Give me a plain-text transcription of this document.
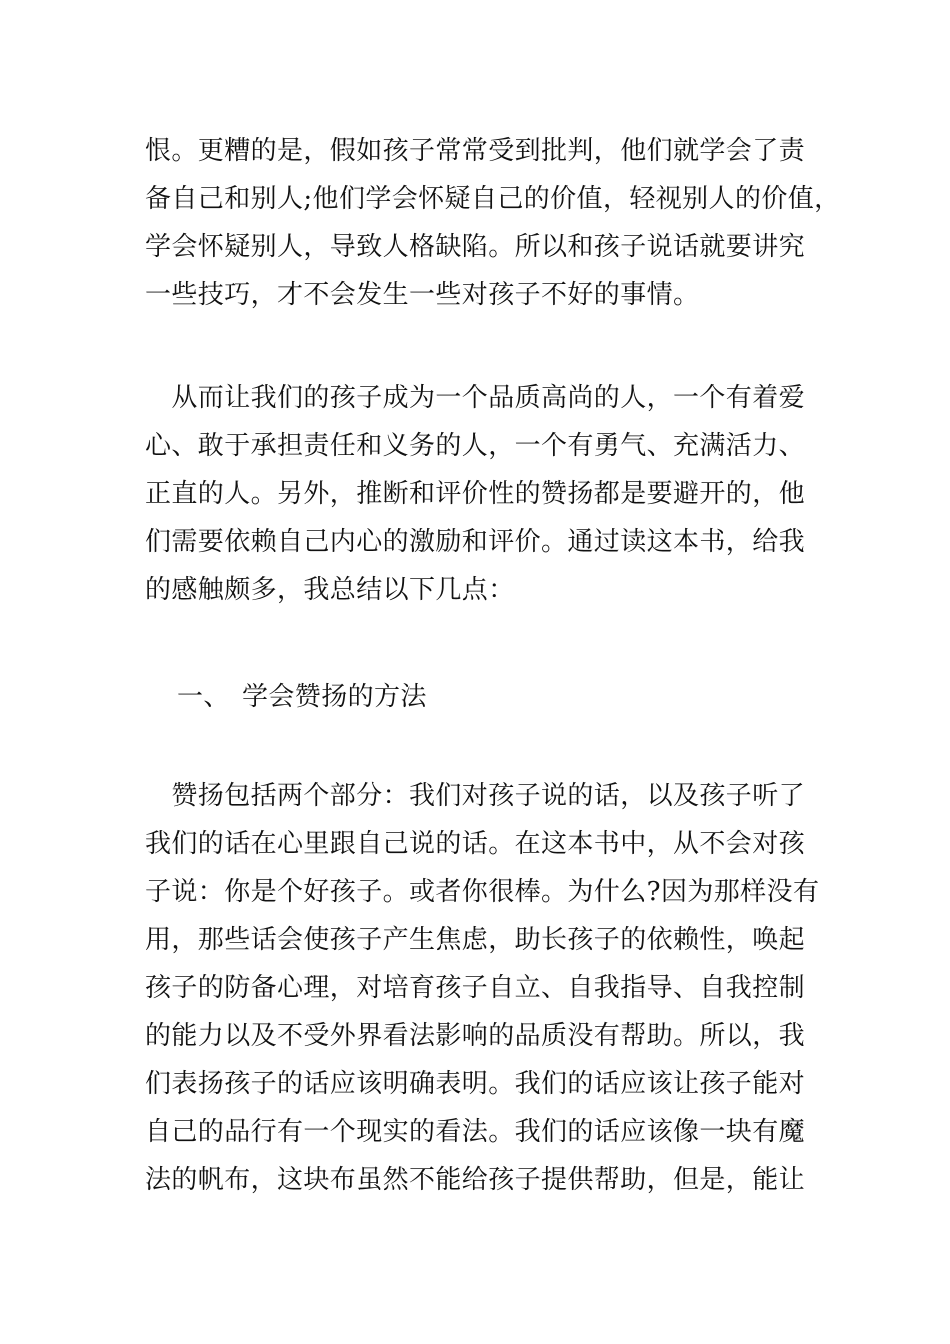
恨。更糟的是，假如孩子常常受到批判，他们就学会了责
备自己和别人;他们学会怀疑自己的价值，轻视别人的价值，
学会怀疑别人，导致人格缺陷。所以和孩子说话就要讲究
一些技巧，才不会发生一些对孩子不好的事情。
　从而让我们的孩子成为一个品质高尚的人，一个有着爱
心、敢于承担责任和义务的人，一个有勇气、充满活力、
正直的人。另外，推断和评价性的赞扬都是要避开的，他
们需要依赖自己内心的激励和评价。通过读这本书，给我
的感触颇多，我总结以下几点：
一、 学会赞扬的方法
　赞扬包括两个部分：我们对孩子说的话，以及孩子听了
我们的话在心里跟自己说的话。在这本书中，从不会对孩
子说：你是个好孩子。或者你很棒。为什么?因为那样没有
用，那些话会使孩子产生焦虑，助长孩子的依赖性，唤起
孩子的防备心理，对培育孩子自立、自我指导、自我控制
的能力以及不受外界看法影响的品质没有帮助。所以，我
们表扬孩子的话应该明确表明。我们的话应该让孩子能对
自己的品行有一个现实的看法。我们的话应该像一块有魔
法的帆布，这块布虽然不能给孩子提供帮助，但是，能让
